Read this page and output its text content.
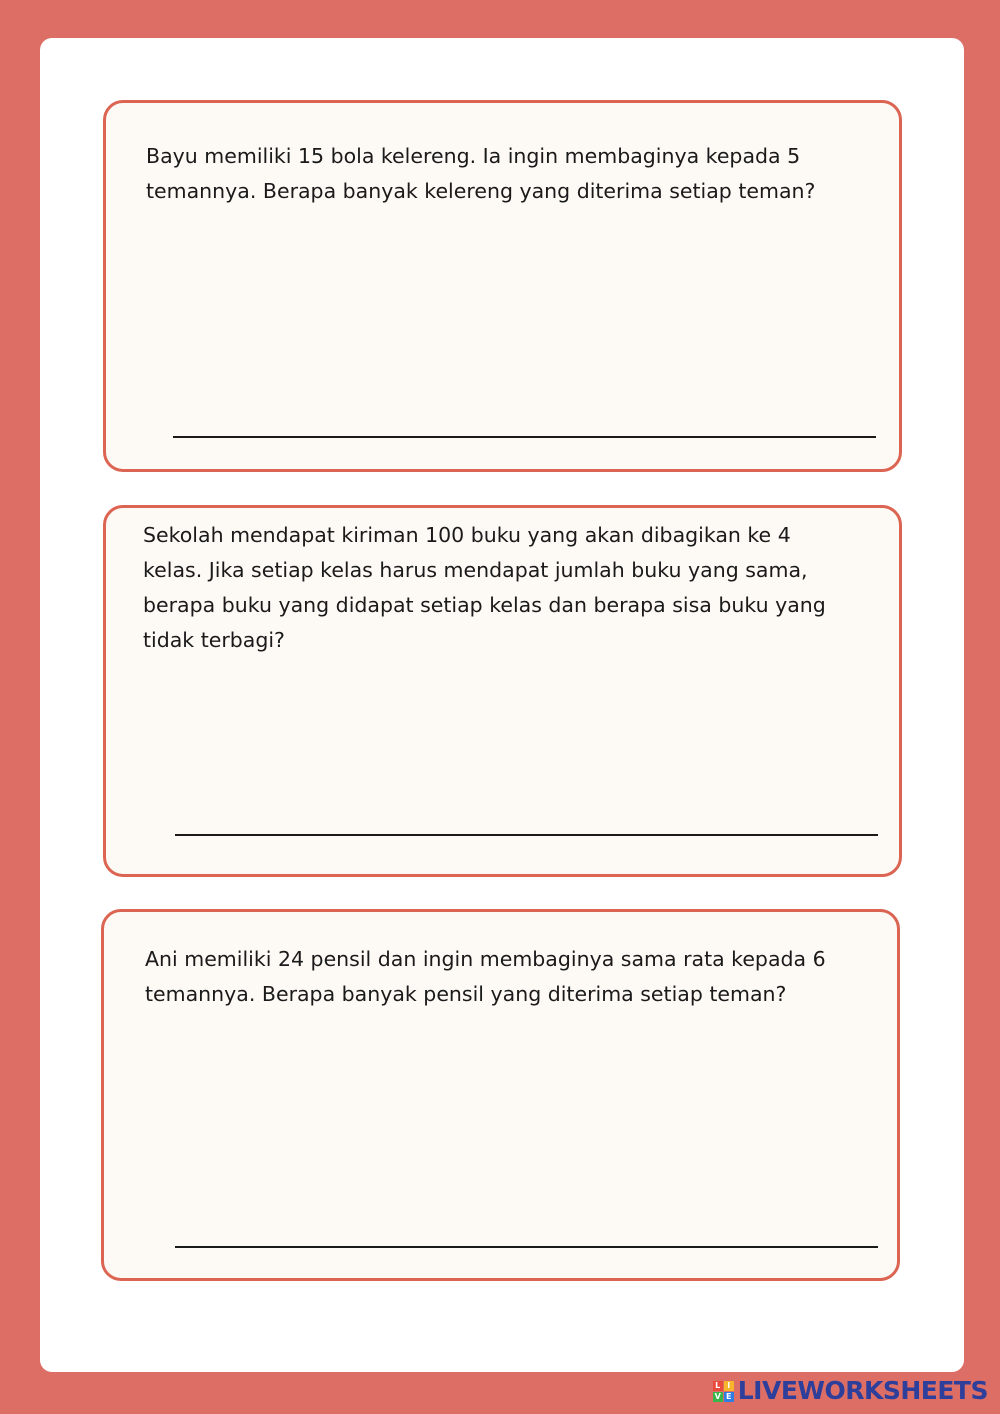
Bayu memiliki 15 bola kelereng. Ia ingin membaginya kepada 5
temannya. Berapa banyak kelereng yang diterima setiap teman?

Sekolah mendapat kiriman 100 buku yang akan dibagikan ke 4
kelas. Jika setiap kelas harus mendapat jumlah buku yang sama,
berapa buku yang didapat setiap kelas dan berapa sisa buku yang
tidak terbagi?

Ani memiliki 24 pensil dan ingin membaginya sama rata kepada 6
temannya. Berapa banyak pensil yang diterima setiap teman?

L I
V E LIVEWORKSHEETS
